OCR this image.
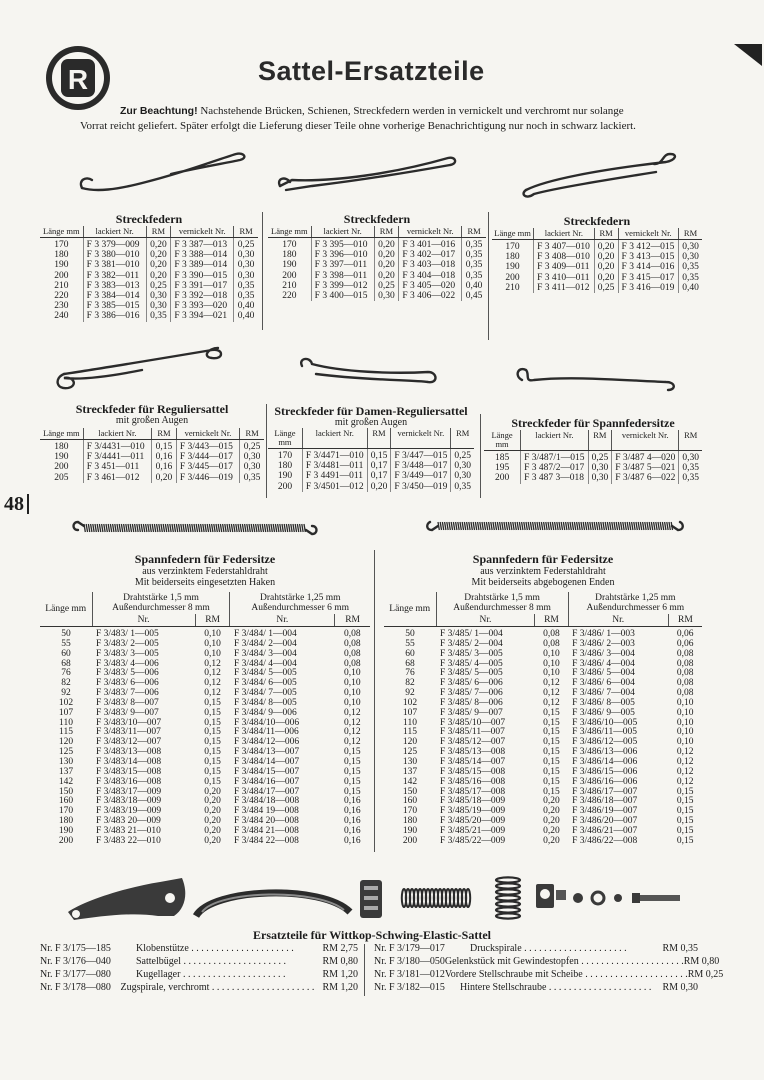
R	Sattel-Ersatzteile
Zur Beachtung! Nachstehende Brücken, Schienen, Streckfedern werden in vernickelt und verchromt nur solange
Vorrat reicht geliefert. Später erfolgt die Lieferung dieser Teile ohne vorherige Benachrichtigung nur noch in schwarz lackiert.
48
Streckfedern
Länge mm	lackiert Nr.	RM	vernickelt Nr.	RM
170	F 3 379—009	0,20	F 3 387—013	0,25
180	F 3 380—010	0,20	F 3 388—014	0,30
190	F 3 381—010	0,20	F 3 389—014	0,30
200	F 3 382—011	0,20	F 3 390—015	0,30
210	F 3 383—013	0,25	F 3 391—017	0,35
220	F 3 384—014	0,30	F 3 392—018	0,35
230	F 3 385—015	0,30	F 3 393—020	0,40
240	F 3 386—016	0,35	F 3 394—021	0,40
Streckfedern
Länge mm	lackiert Nr.	RM	vernickelt Nr.	RM
170	F 3 395—010	0,20	F 3 401—016	0,35
180	F 3 396—010	0,20	F 3 402—017	0,35
190	F 3 397—011	0,20	F 3 403—018	0,35
200	F 3 398—011	0,20	F 3 404—018	0,35
210	F 3 399—012	0,25	F 3 405—020	0,40
220	F 3 400—015	0,30	F 3 406—022	0,45
Streckfedern
Länge mm	lackiert Nr.	RM	vernickelt Nr.	RM
170	F 3 407—010	0,20	F 3 412—015	0,30
180	F 3 408—010	0,20	F 3 413—015	0,30
190	F 3 409—011	0,20	F 3 414—016	0,35
200	F 3 410—011	0,20	F 3 415—017	0,35
210	F 3 411—012	0,25	F 3 416—019	0,40
Streckfeder für Reguliersattel
mit großen Augen
Länge mm	lackiert Nr.	RM	vernickelt Nr.	RM
180	F 3/4431—010	0,15	F 3/443—015	0,25
190	F 3/4441—011	0,16	F 3/444—017	0,30
200	F 3 451—011	0,16	F 3/445—017	0,30
205	F 3 461—012	0,20	F 3/446—019	0,35
Streckfeder für Damen-Reguliersattel
mit großen Augen
Länge mm	lackiert Nr.	RM	vernickelt Nr.	RM
170	F 3/4471—010	0,15	F 3/447—015	0,25
180	F 3/4481—011	0,17	F 3/448—017	0,30
190	F 3 4491—011	0,17	F 3/449—017	0,30
200	F 3/4501—012	0,20	F 3/450—019	0,35
Streckfeder für Spannfedersitze
Länge mm	lackiert Nr.	RM	vernickelt Nr.	RM
185	F 3/487/1—015	0,25	F 3/487 4—020	0,30
195	F 3 487/2—017	0,30	F 3/487 5—021	0,35
200	F 3 487 3—018	0,30	F 3/487 6—022	0,35
Spannfedern für Federsitze
aus verzinktem Federstahldraht
Mit beiderseits eingesetzten Haken
Länge mm	Drahtstärke 1,5 mm Außendurchmesser 8 mm		Drahtstärke 1,25 mm Außendurchmesser 6 mm	
	Nr.	RM	Nr.	RM
50	F 3/483/ 1—005	0,10	F 3/484/ 1—004	0,08
55	F 3/483/ 2—005	0,10	F 3/484/ 2—004	0,08
60	F 3/483/ 3—005	0,10	F 3/484/ 3—004	0,08
68	F 3/483/ 4—006	0,12	F 3/484/ 4—004	0,08
76	F 3/483/ 5—006	0,12	F 3/484/ 5—005	0,10
82	F 3/483/ 6—006	0,12	F 3/484/ 6—005	0,10
92	F 3/483/ 7—006	0,12	F 3/484/ 7—005	0,10
102	F 3/483/ 8—007	0,15	F 3/484/ 8—005	0,10
107	F 3/483/ 9—007	0,15	F 3/484/ 9—006	0,12
110	F 3/483/10—007	0,15	F 3/484/10—006	0,12
115	F 3/483/11—007	0,15	F 3/484/11—006	0,12
120	F 3/483/12—007	0,15	F 3/484/12—006	0,12
125	F 3/483/13—008	0,15	F 3/484/13—007	0,15
130	F 3/483/14—008	0,15	F 3/484/14—007	0,15
137	F 3/483/15—008	0,15	F 3/484/15—007	0,15
142	F 3/483/16—008	0,15	F 3/484/16—007	0,15
150	F 3/483/17—009	0,20	F 3/484/17—007	0,15
160	F 3/483/18—009	0,20	F 3/484/18—008	0,16
170	F 3/483/19—009	0,20	F 3/484 19—008	0,16
180	F 3/483 20—009	0,20	F 3/484 20—008	0,16
190	F 3/483 21—010	0,20	F 3/484 21—008	0,16
200	F 3/483 22—010	0,20	F 3/484 22—008	0,16
Spannfedern für Federsitze
aus verzinktem Federstahldraht
Mit beiderseits abgebogenen Enden
Länge mm	Drahtstärke 1,5 mm Außendurchmesser 8 mm		Drahtstärke 1,25 mm Außendurchmesser 6 mm	
	Nr.	RM	Nr.	RM
50	F 3/485/ 1—004	0,08	F 3/486/ 1—003	0,06
55	F 3/485/ 2—004	0,08	F 3/486/ 2—003	0,06
60	F 3/485/ 3—005	0,10	F 3/486/ 3—004	0,08
68	F 3/485/ 4—005	0,10	F 3/486/ 4—004	0,08
76	F 3/485/ 5—005	0,10	F 3/486/ 5—004	0,08
82	F 3/485/ 6—006	0,12	F 3/486/ 6—004	0,08
92	F 3/485/ 7—006	0,12	F 3/486/ 7—004	0,08
102	F 3/485/ 8—006	0,12	F 3/486/ 8—005	0,10
107	F 3/485/ 9—007	0,15	F 3/486/ 9—005	0,10
110	F 3/485/10—007	0,15	F 3/486/10—005	0,10
115	F 3/485/11—007	0,15	F 3/486/11—005	0,10
120	F 3/485/12—007	0,15	F 3/486/12—005	0,10
125	F 3/485/13—008	0,15	F 3/486/13—006	0,12
130	F 3/485/14—007	0,15	F 3/486/14—006	0,12
137	F 3/485/15—008	0,15	F 3/486/15—006	0,12
142	F 3/485/16—008	0,15	F 3/486/16—006	0,12
150	F 3/485/17—008	0,15	F 3/486/17—007	0,15
160	F 3/485/18—009	0,20	F 3/486/18—007	0,15
170	F 3/485/19—009	0,20	F 3/486/19—007	0,15
180	F 3/485/20—009	0,20	F 3/486/20—007	0,15
190	F 3/485/21—009	0,20	F 3/486/21—007	0,15
200	F 3/485/22—009	0,20	F 3/486/22—008	0,15
Ersatzteile für Wittkop-Schwing-Elastic-Sattel
Nr. F 3/175—185	Klobenstütze . . . . . . . . . . . . . . . . . . . . .	RM 2,75
Nr. F 3/176—040	Sattelbügel . . . . . . . . . . . . . . . . . . . . .	RM 0,80
Nr. F 3/177—080	Kugellager . . . . . . . . . . . . . . . . . . . . .	RM 1,20
Nr. F 3/178—080 Zugspirale, verchromt . . . . . . . . . . . . . . . . . . . . . RM 1,20
Nr. F 3/179—017	Druckspirale . . . . . . . . . . . . . . . . . . . . .	RM 0,35
Nr. F 3/180—050 Gelenkstück mit Gewindestopfen . . . . . . . . . . . . . . . . . . . . . RM 0,80
Nr. F 3/181—012 Vordere Stellschraube mit Scheibe . . . . . . . . . . . . . . . . . . . . . RM 0,25
Nr. F 3/182—015	Hintere Stellschraube . . . . . . . . . . . . . . . . . . . . .	RM 0,30
